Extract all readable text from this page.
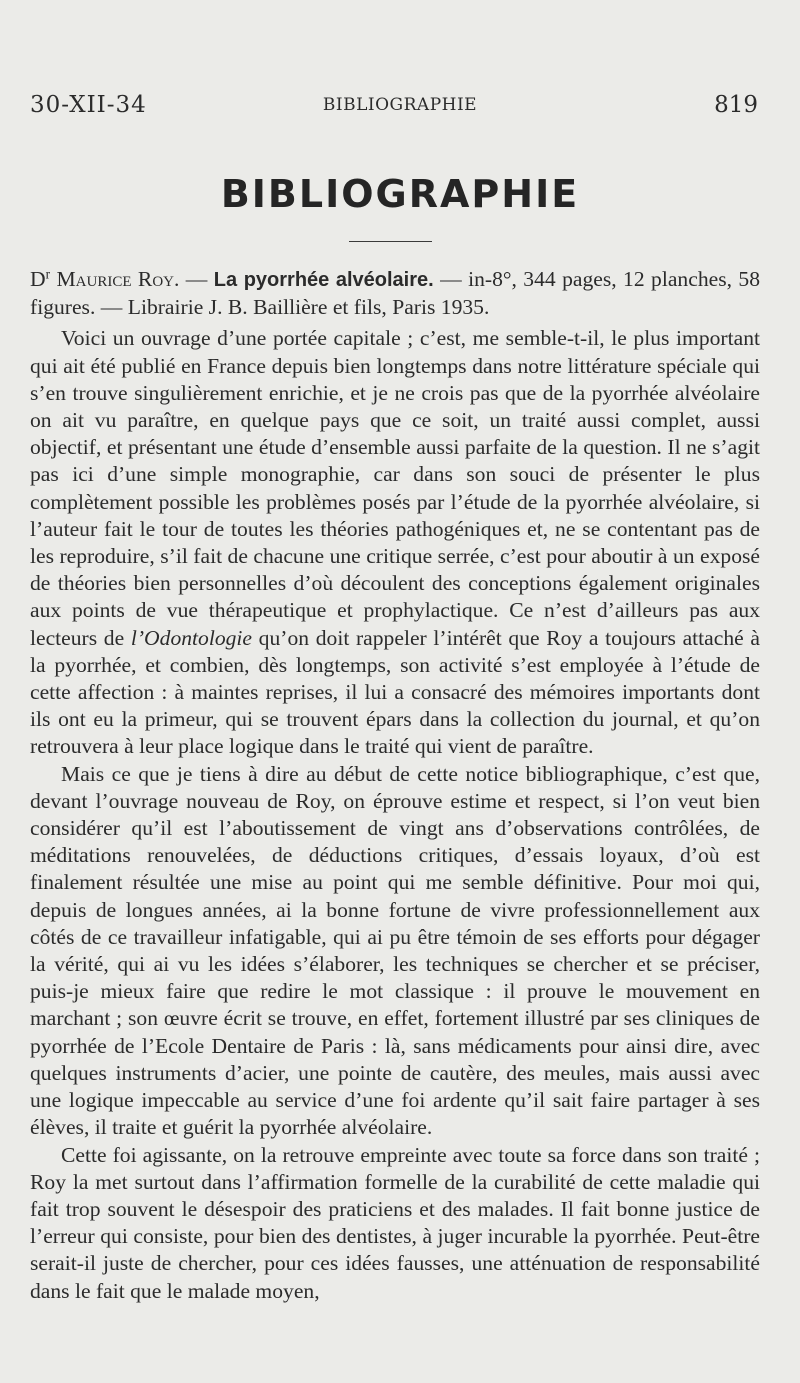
30-XII-34	BIBLIOGRAPHIE	819
BIBLIOGRAPHIE

$D^r$ Maurice Roy. — La pyorrhée alvéolaire. — in-8°, 344 pages, 12 planches, 58 figures. — Librairie J. B. Baillière et fils, Paris 1935.

Voici un ouvrage d’une portée capitale ; c’est, me semble-t-il, le plus important qui ait été publié en France depuis bien longtemps dans notre littérature spéciale qui s’en trouve singulièrement enrichie, et je ne crois pas que de la pyorrhée alvéolaire on ait vu paraître, en quelque pays que ce soit, un traité aussi complet, aussi objectif, et présentant une étude d’ensemble aussi parfaite de la question. Il ne s’agit pas ici d’une simple monographie, car dans son souci de présenter le plus complètement possible les problèmes posés par l’étude de la pyorrhée alvéolaire, si l’auteur fait le tour de toutes les théories pathogéniques et, ne se contentant pas de les reproduire, s’il fait de chacune une critique serrée, c’est pour aboutir à un exposé de théories bien personnelles d’où découlent des conceptions également originales aux points de vue thérapeutique et prophylactique. Ce n’est d’ailleurs pas aux lecteurs de l’Odontologie qu’on doit rappeler l’intérêt que Roy a toujours attaché à la pyorrhée, et combien, dès longtemps, son activité s’est employée à l’étude de cette affection : à maintes reprises, il lui a consacré des mémoires importants dont ils ont eu la primeur, qui se trouvent épars dans la collection du journal, et qu’on retrouvera à leur place logique dans le traité qui vient de paraître.

Mais ce que je tiens à dire au début de cette notice bibliographique, c’est que, devant l’ouvrage nouveau de Roy, on éprouve estime et respect, si l’on veut bien considérer qu’il est l’aboutissement de vingt ans d’observations contrôlées, de méditations renouvelées, de déductions critiques, d’essais loyaux, d’où est finalement résultée une mise au point qui me semble définitive. Pour moi qui, depuis de longues années, ai la bonne fortune de vivre professionnellement aux côtés de ce travailleur infatigable, qui ai pu être témoin de ses efforts pour dégager la vérité, qui ai vu les idées s’élaborer, les techniques se chercher et se préciser, puis-je mieux faire que redire le mot classique : il prouve le mouvement en marchant ; son œuvre écrit se trouve, en effet, fortement illustré par ses cliniques de pyorrhée de l’Ecole Dentaire de Paris : là, sans médicaments pour ainsi dire, avec quelques instruments d’acier, une pointe de cautère, des meules, mais aussi avec une logique impeccable au service d’une foi ardente qu’il sait faire partager à ses élèves, il traite et guérit la pyorrhée alvéolaire.

Cette foi agissante, on la retrouve empreinte avec toute sa force dans son traité ; Roy la met surtout dans l’affirmation formelle de la curabilité de cette maladie qui fait trop souvent le désespoir des praticiens et des malades. Il fait bonne justice de l’erreur qui consiste, pour bien des dentistes, à juger incurable la pyorrhée. Peut-être serait-il juste de chercher, pour ces idées fausses, une atténuation de responsabilité dans le fait que le malade moyen,
